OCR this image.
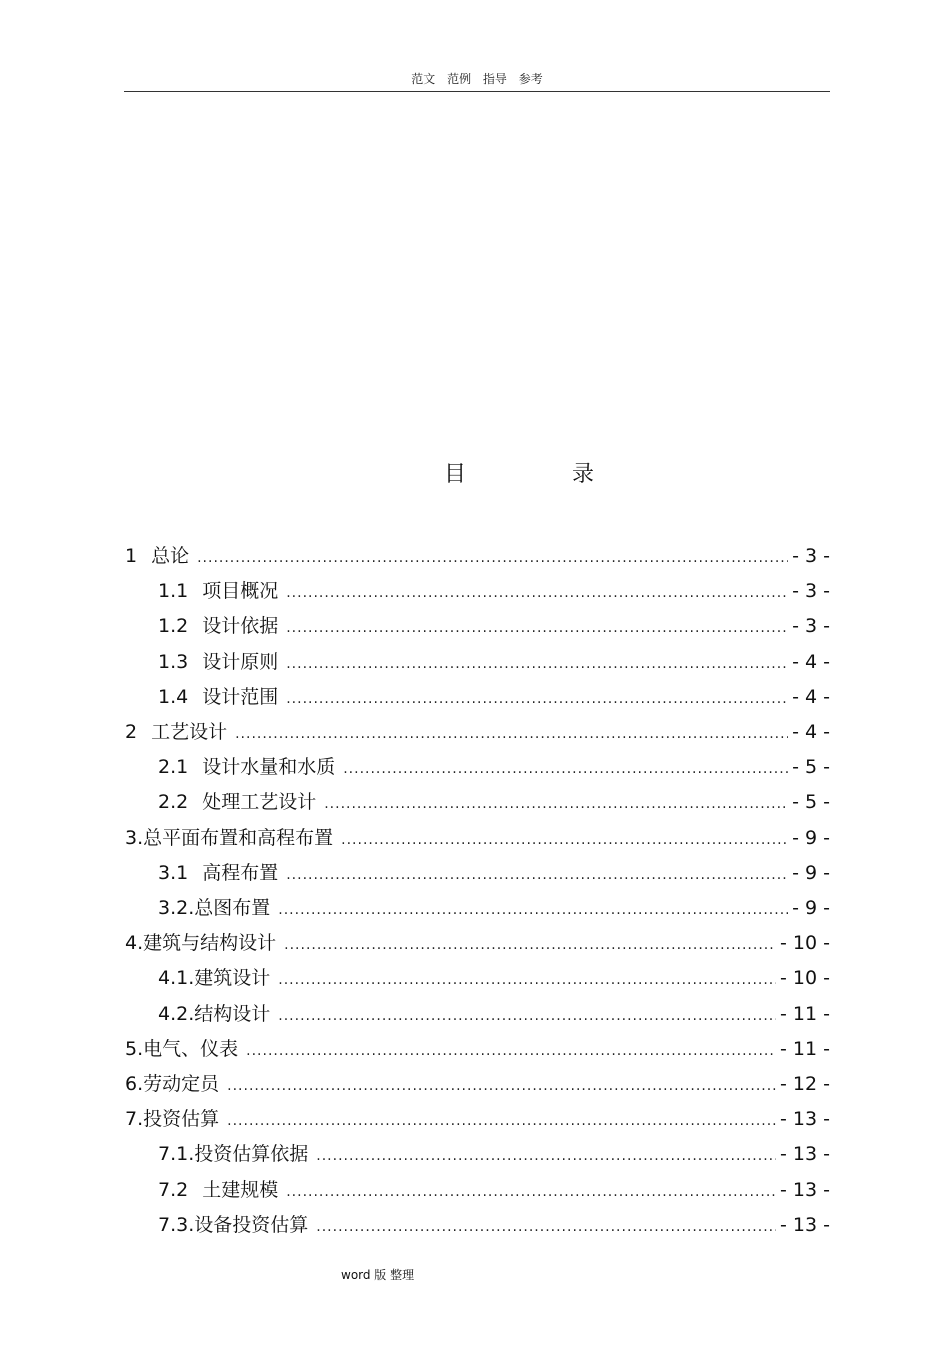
范文 范例 指导 参考
目	录
1 总论 .....	- 3 -
1.1 项目概况 .....	- 3 -
1.2 设计依据 .....	- 3 -
1.3 设计原则 .....	- 4 -
1.4 设计范围 .....	- 4 -
2 工艺设计 .....	- 4 -
2.1 设计水量和水质 .....	- 5 -
2.2 处理工艺设计 .....	- 5 -
3. 总平面布置和高程布置 .....	- 9 -
3.1 高程布置 .....	- 9 -
3.2. 总图布置 .....	- 9 -
4. 建筑与结构设计 .....	- 10 -
4.1. 建筑设计 .....	- 10 -
4.2. 结构设计 .....	- 11 -
5. 电气、仪表 .....	- 11 -
6. 劳动定员 .....	- 12 -
7. 投资估算 .....	- 13 -
7.1. 投资估算依据 .....	- 13 -
7.2 土建规模 .....	- 13 -
7.3. 设备投资估算 .....	- 13 -
word 版 整理
